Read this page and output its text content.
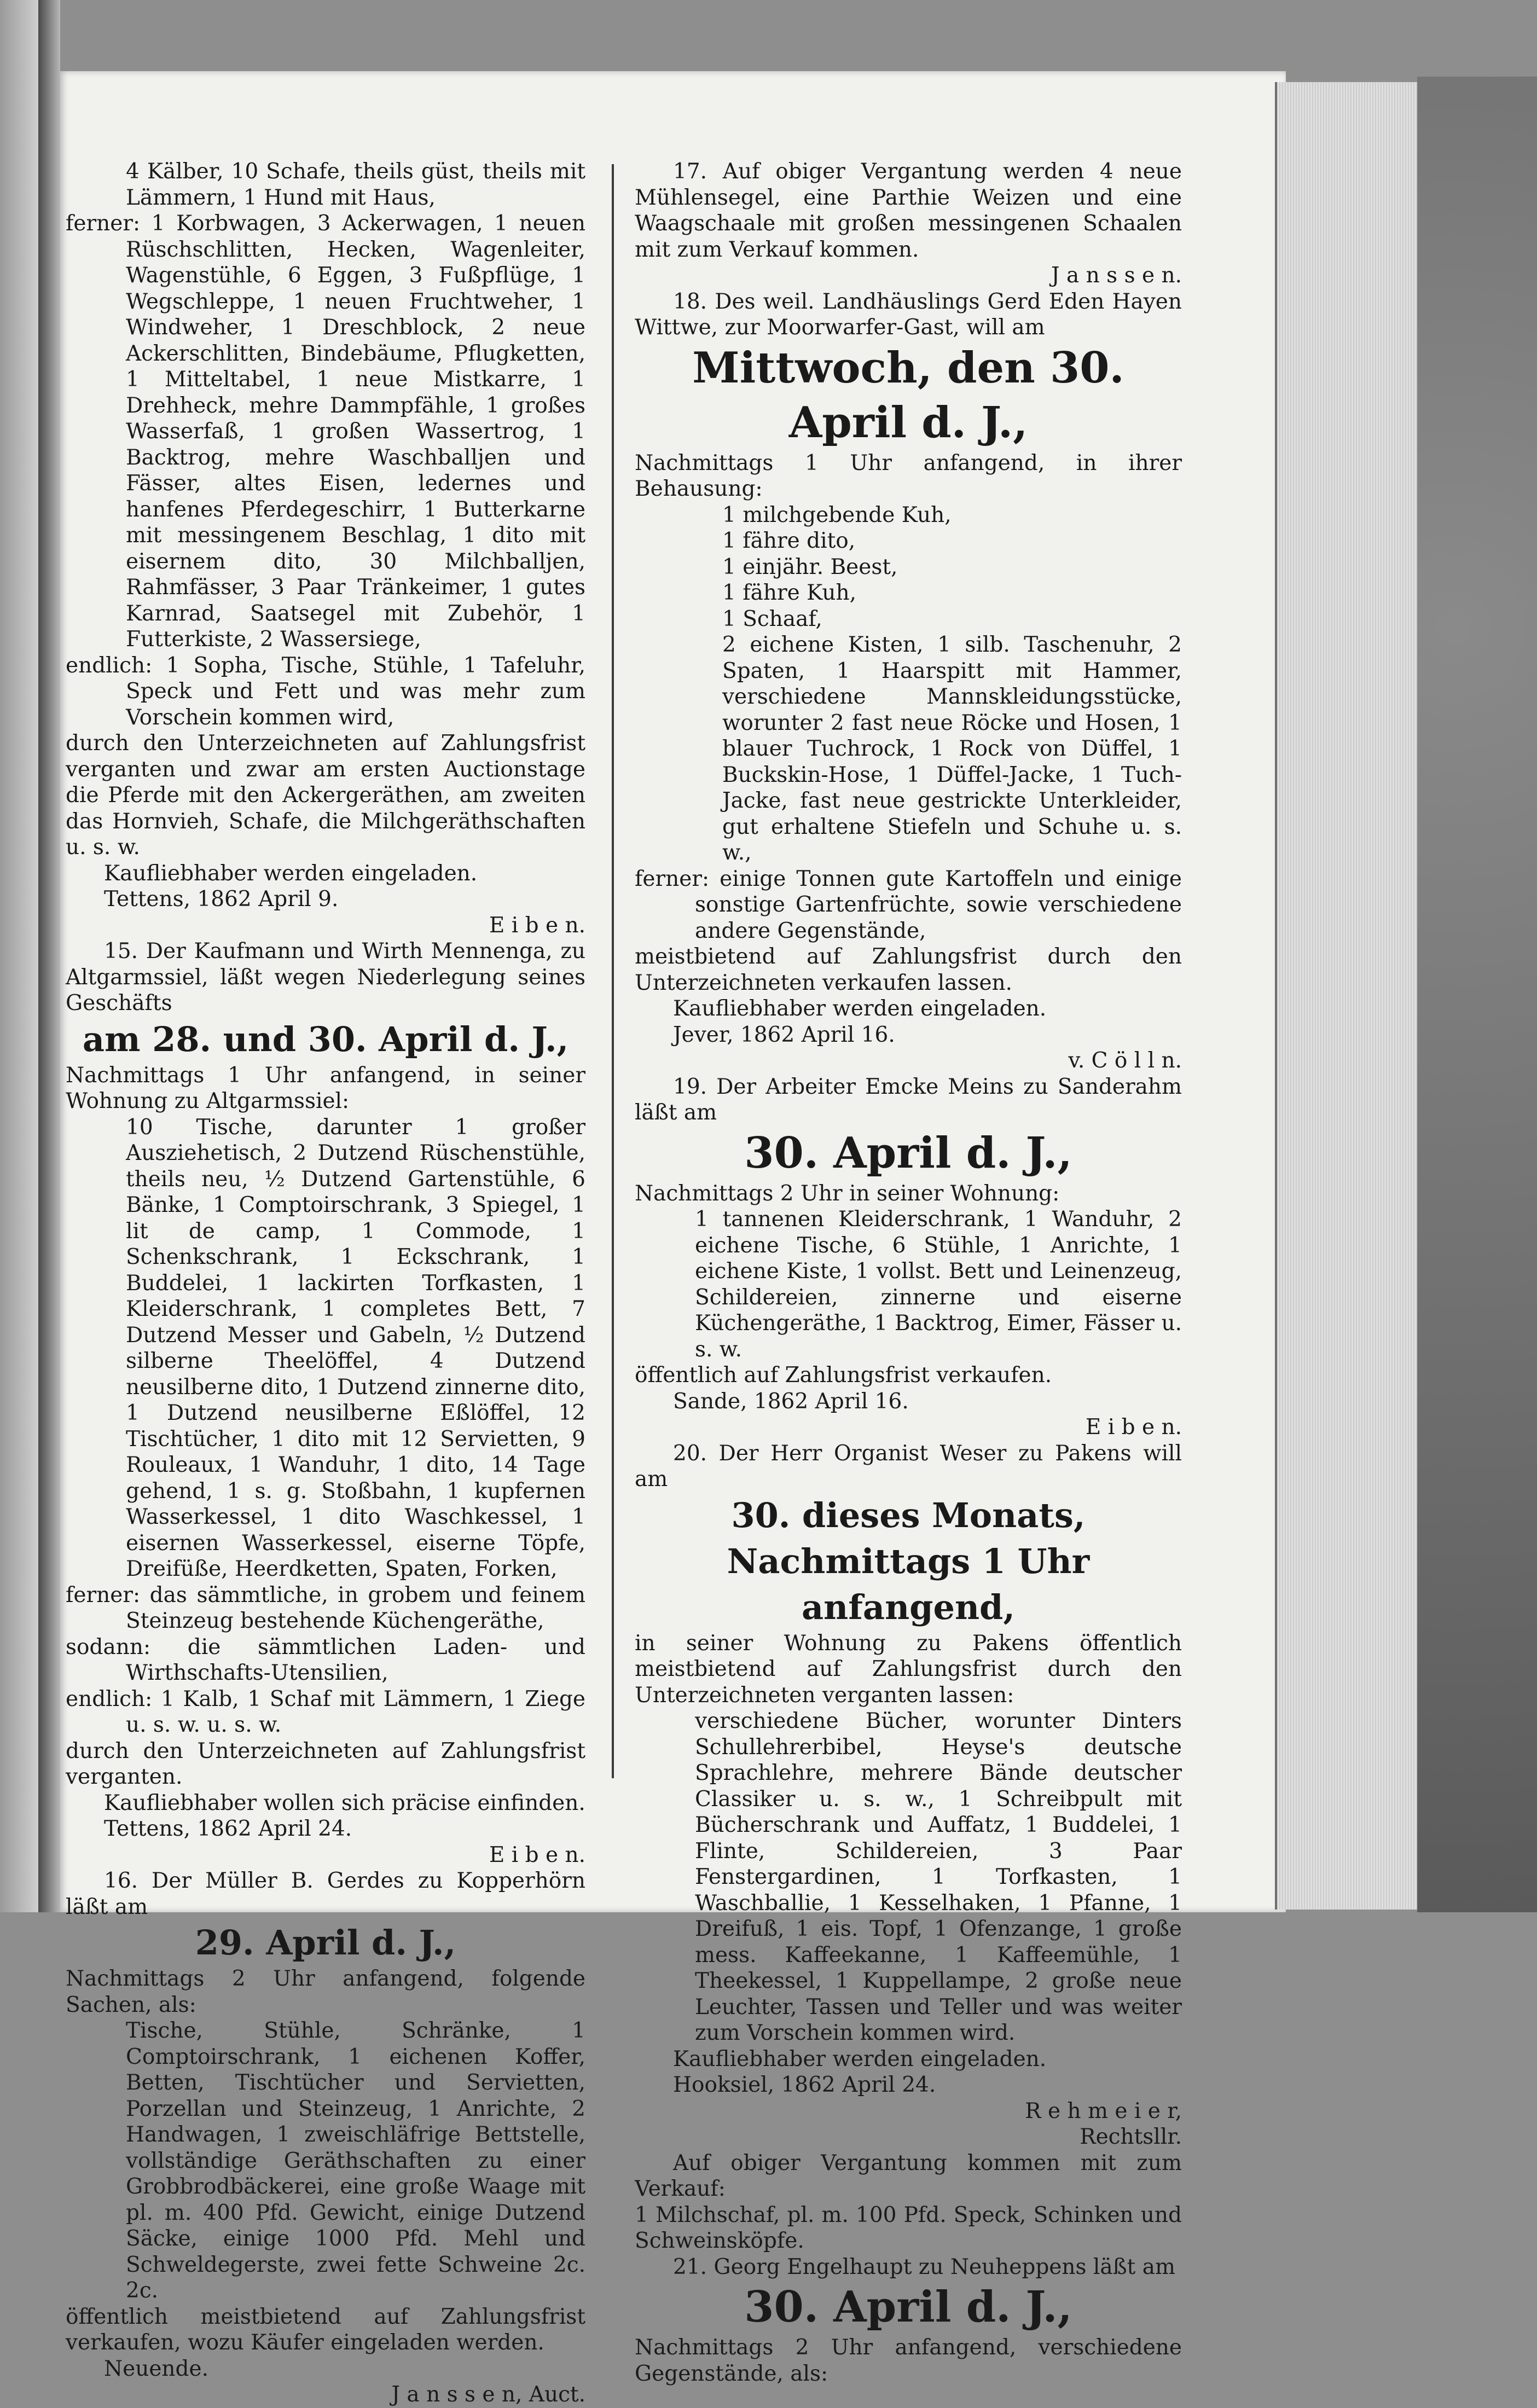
4 Kälber, 10 Schafe, theils güst, theils mit Lämmern, 1 Hund mit Haus,

ferner: 1 Korbwagen, 3 Ackerwagen, 1 neuen Rüschschlitten, Hecken, Wagenleiter, Wagenstühle, 6 Eggen, 3 Fußpflüge, 1 Wegschleppe, 1 neuen Fruchtweher, 1 Windweher, 1 Dreschblock, 2 neue Ackerschlitten, Bindebäume, Pflugketten, 1 Mitteltabel, 1 neue Mistkarre, 1 Drehheck, mehre Dammpfähle, 1 großes Wasserfaß, 1 großen Wassertrog, 1 Backtrog, mehre Waschballjen und Fässer, altes Eisen, ledernes und hanfenes Pferdegeschirr, 1 Butterkarne mit messingenem Beschlag, 1 dito mit eisernem dito, 30 Milchballjen, Rahmfässer, 3 Paar Tränkeimer, 1 gutes Karnrad, Saatsegel mit Zubehör, 1 Futterkiste, 2 Wassersiege,

endlich: 1 Sopha, Tische, Stühle, 1 Tafeluhr, Speck und Fett und was mehr zum Vorschein kommen wird,

durch den Unterzeichneten auf Zahlungsfrist verganten und zwar am ersten Auctionstage die Pferde mit den Ackergeräthen, am zweiten das Hornvieh, Schafe, die Milchgeräthschaften u. s. w.

Kaufliebhaber werden eingeladen.

Tettens, 1862 April 9.

E i b e n.

15. Der Kaufmann und Wirth Mennenga, zu Altgarmssiel, läßt wegen Niederlegung seines Geschäfts

am 28. und 30. April d. J.,

Nachmittags 1 Uhr anfangend, in seiner Wohnung zu Altgarmssiel:

10 Tische, darunter 1 großer Ausziehetisch, 2 Dutzend Rüschenstühle, theils neu, ½ Dutzend Gartenstühle, 6 Bänke, 1 Comptoirschrank, 3 Spiegel, 1 lit de camp, 1 Commode, 1 Schenkschrank, 1 Eckschrank, 1 Buddelei, 1 lackirten Torfkasten, 1 Kleiderschrank, 1 completes Bett, 7 Dutzend Messer und Gabeln, ½ Dutzend silberne Theelöffel, 4 Dutzend neusilberne dito, 1 Dutzend zinnerne dito, 1 Dutzend neusilberne Eßlöffel, 12 Tischtücher, 1 dito mit 12 Servietten, 9 Rouleaux, 1 Wanduhr, 1 dito, 14 Tage gehend, 1 s. g. Stoßbahn, 1 kupfernen Wasserkessel, 1 dito Waschkessel, 1 eisernen Wasserkessel, eiserne Töpfe, Dreifüße, Heerdketten, Spaten, Forken,

ferner: das sämmtliche, in grobem und feinem Steinzeug bestehende Küchengeräthe,

sodann: die sämmtlichen Laden- und Wirthschafts-Utensilien,

endlich: 1 Kalb, 1 Schaf mit Lämmern, 1 Ziege u. s. w. u. s. w.

durch den Unterzeichneten auf Zahlungsfrist verganten.

Kaufliebhaber wollen sich präcise einfinden.

Tettens, 1862 April 24.

E i b e n.

16. Der Müller B. Gerdes zu Kopperhörn läßt am

29. April d. J.,

Nachmittags 2 Uhr anfangend, folgende Sachen, als:

Tische, Stühle, Schränke, 1 Comptoirschrank, 1 eichenen Koffer, Betten, Tischtücher und Servietten, Porzellan und Steinzeug, 1 Anrichte, 2 Handwagen, 1 zweischläfrige Bettstelle, vollständige Geräthschaften zu einer Grobbrodbäckerei, eine große Waage mit pl. m. 400 Pfd. Gewicht, einige Dutzend Säcke, einige 1000 Pfd. Mehl und Schweldegerste, zwei fette Schweine 2c. 2c.

öffentlich meistbietend auf Zahlungsfrist verkaufen, wozu Käufer eingeladen werden.

Neuende.

J a n s s e n, Auct.

17. Auf obiger Vergantung werden 4 neue Mühlensegel, eine Parthie Weizen und eine Waagschaale mit großen messingenen Schaalen mit zum Verkauf kommen.

J a n s s e n.

18. Des weil. Landhäuslings Gerd Eden Hayen Wittwe, zur Moorwarfer-Gast, will am

Mittwoch, den 30. April d. J.,

Nachmittags 1 Uhr anfangend, in ihrer Behausung:

1 milchgebende Kuh,

1 fähre dito,

1 einjähr. Beest,

1 fähre Kuh,

1 Schaaf,

2 eichene Kisten, 1 silb. Taschenuhr, 2 Spaten, 1 Haarspitt mit Hammer, verschiedene Mannskleidungsstücke, worunter 2 fast neue Röcke und Hosen, 1 blauer Tuchrock, 1 Rock von Düffel, 1 Buckskin-Hose, 1 Düffel-Jacke, 1 Tuch-Jacke, fast neue gestrickte Unterkleider, gut erhaltene Stiefeln und Schuhe u. s. w.,

ferner: einige Tonnen gute Kartoffeln und einige sonstige Gartenfrüchte, sowie verschiedene andere Gegenstände,

meistbietend auf Zahlungsfrist durch den Unterzeichneten verkaufen lassen.

Kaufliebhaber werden eingeladen.

Jever, 1862 April 16.

v. C ö l l n.

19. Der Arbeiter Emcke Meins zu Sanderahm läßt am

30. April d. J.,

Nachmittags 2 Uhr in seiner Wohnung:

1 tannenen Kleiderschrank, 1 Wanduhr, 2 eichene Tische, 6 Stühle, 1 Anrichte, 1 eichene Kiste, 1 vollst. Bett und Leinenzeug, Schildereien, zinnerne und eiserne Küchengeräthe, 1 Backtrog, Eimer, Fässer u. s. w.

öffentlich auf Zahlungsfrist verkaufen.

Sande, 1862 April 16.

E i b e n.

20. Der Herr Organist Weser zu Pakens will am

30. dieses Monats,

Nachmittags 1 Uhr anfangend,

in seiner Wohnung zu Pakens öffentlich meistbietend auf Zahlungsfrist durch den Unterzeichneten verganten lassen:

verschiedene Bücher, worunter Dinters Schullehrerbibel, Heyse's deutsche Sprachlehre, mehrere Bände deutscher Classiker u. s. w., 1 Schreibpult mit Bücherschrank und Auffatz, 1 Buddelei, 1 Flinte, Schildereien, 3 Paar Fenstergardinen, 1 Torfkasten, 1 Waschballie, 1 Kesselhaken, 1 Pfanne, 1 Dreifuß, 1 eis. Topf, 1 Ofenzange, 1 große mess. Kaffeekanne, 1 Kaffeemühle, 1 Theekessel, 1 Kuppellampe, 2 große neue Leuchter, Tassen und Teller und was weiter zum Vorschein kommen wird.

Kaufliebhaber werden eingeladen.

Hooksiel, 1862 April 24.

R e h m e i e r,

Rechtsllr.

Auf obiger Vergantung kommen mit zum Verkauf:

1 Milchschaf, pl. m. 100 Pfd. Speck, Schinken und Schweinsköpfe.

21. Georg Engelhaupt zu Neuheppens läßt am

30. April d. J.,

Nachmittags 2 Uhr anfangend, verschiedene Gegenstände, als:
